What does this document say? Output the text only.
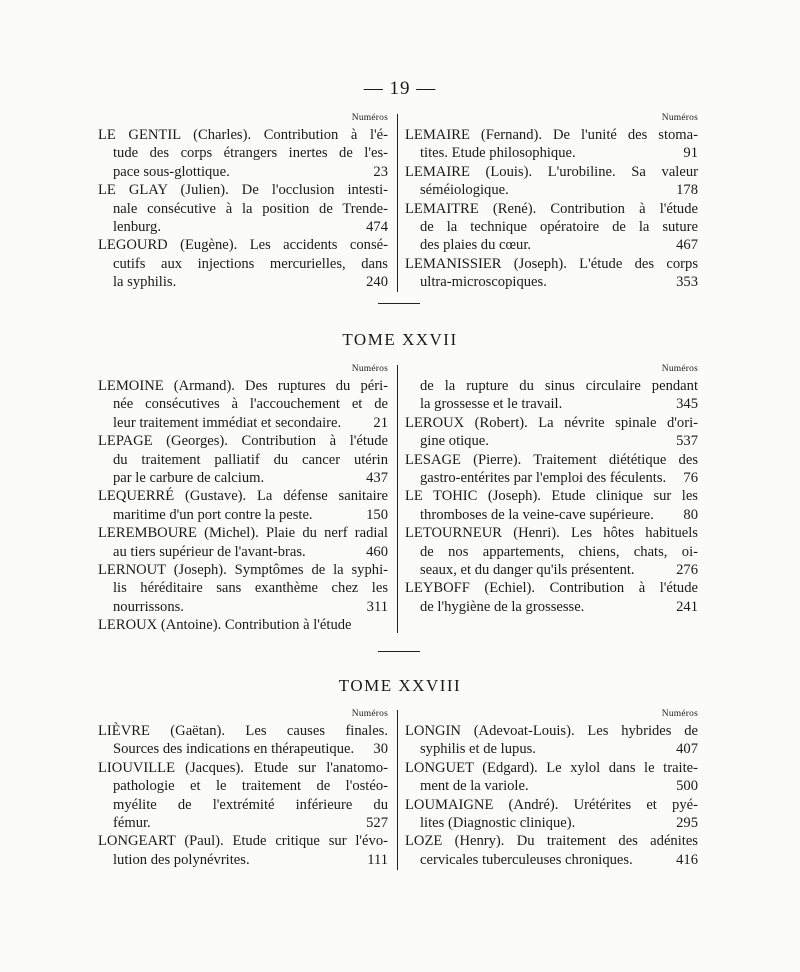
— 19 —
Numéros
LE GENTIL (Charles). Contribution à l'é-
tude des corps étrangers inertes de l'es-
pace sous-glottique.	23
LE GLAY (Julien). De l'occlusion intesti-
nale consécutive à la position de Trende-
lenburg.	474
LEGOURD (Eugène). Les accidents consé-
cutifs aux injections mercurielles, dans
la syphilis.	240
Numéros
LEMAIRE (Fernand). De l'unité des stoma-
tites. Etude philosophique.	91
LEMAIRE (Louis). L'urobiline. Sa valeur
séméiologique.	178
LEMAITRE (René). Contribution à l'étude
de la technique opératoire de la suture
des plaies du cœur.	467
LEMANISSIER (Joseph). L'étude des corps
ultra-microscopiques.	353
TOME XXVII
Numéros
LEMOINE (Armand). Des ruptures du péri-
née consécutives à l'accouchement et de
leur traitement immédiat et secondaire. 21
LEPAGE (Georges). Contribution à l'étude
du traitement palliatif du cancer utérin
par le carbure de calcium.	437
LEQUERRÉ (Gustave). La défense sanitaire
maritime d'un port contre la peste.	150
LEREMBOURE (Michel). Plaie du nerf radial
au tiers supérieur de l'avant-bras.	460
LERNOUT (Joseph). Symptômes de la syphi-
lis héréditaire sans exanthème chez les
nourrissons.	311
LEROUX (Antoine). Contribution à l'étude
Numéros
de la rupture du sinus circulaire pendant
la grossesse et le travail.	345
LEROUX (Robert). La névrite spinale d'ori-
gine otique.	537
LESAGE (Pierre). Traitement diététique des
gastro-entérites par l'emploi des féculents. 76
LE TOHIC (Joseph). Etude clinique sur les
thromboses de la veine-cave supérieure. 80
LETOURNEUR (Henri). Les hôtes habituels
de nos appartements, chiens, chats, oi-
seaux, et du danger qu'ils présentent.	276
LEYBOFF (Echiel). Contribution à l'étude
de l'hygiène de la grossesse.	241
TOME XXVIII
Numéros
LIÈVRE (Gaëtan). Les causes finales.
Sources des indications en thérapeutique. 30
LIOUVILLE (Jacques). Etude sur l'anatomo-
pathologie et le traitement de l'ostéo-
myélite de l'extrémité inférieure du
fémur.	527
LONGEART (Paul). Etude critique sur l'évo-
lution des polynévrites.	111
Numéros
LONGIN (Adevoat-Louis). Les hybrides de
syphilis et de lupus.	407
LONGUET (Edgard). Le xylol dans le traite-
ment de la variole.	500
LOUMAIGNE (André). Urétérites et pyé-
lites (Diagnostic clinique).	295
LOZE (Henry). Du traitement des adénites
cervicales tuberculeuses chroniques.	416
